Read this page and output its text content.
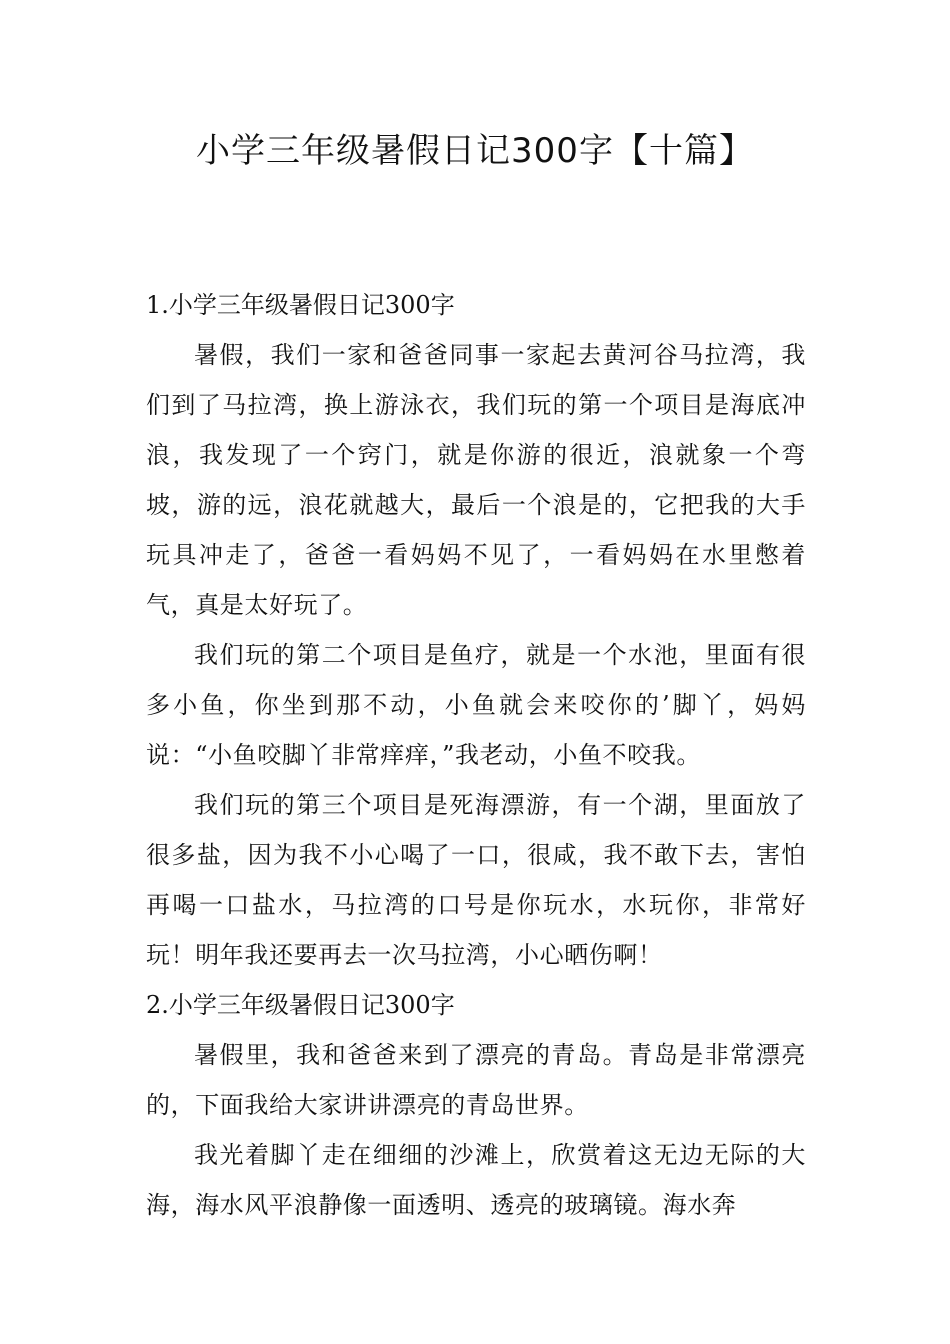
小学三年级暑假日记300字【十篇】
1.小学三年级暑假日记300字

暑假，我们一家和爸爸同事一家起去黄河谷马拉湾，我们到了马拉湾，换上游泳衣，我们玩的第一个项目是海底冲浪，我发现了一个窍门，就是你游的很近，浪就象一个弯坡，游的远，浪花就越大，最后一个浪是的，它把我的大手玩具冲走了，爸爸一看妈妈不见了，一看妈妈在水里憋着气，真是太好玩了。

我们玩的第二个项目是鱼疗，就是一个水池，里面有很多小鱼，你坐到那不动，小鱼就会来咬你的’脚丫，妈妈说：“小鱼咬脚丫非常痒痒，”我老动，小鱼不咬我。

我们玩的第三个项目是死海漂游，有一个湖，里面放了很多盐，因为我不小心喝了一口，很咸，我不敢下去，害怕再喝一口盐水，马拉湾的口号是你玩水，水玩你，非常好玩！明年我还要再去一次马拉湾，小心晒伤啊！

2.小学三年级暑假日记300字

暑假里，我和爸爸来到了漂亮的青岛。青岛是非常漂亮的，下面我给大家讲讲漂亮的青岛世界。

我光着脚丫走在细细的沙滩上，欣赏着这无边无际的大海，海水风平浪静像一面透明、透亮的玻璃镜。海水奔
